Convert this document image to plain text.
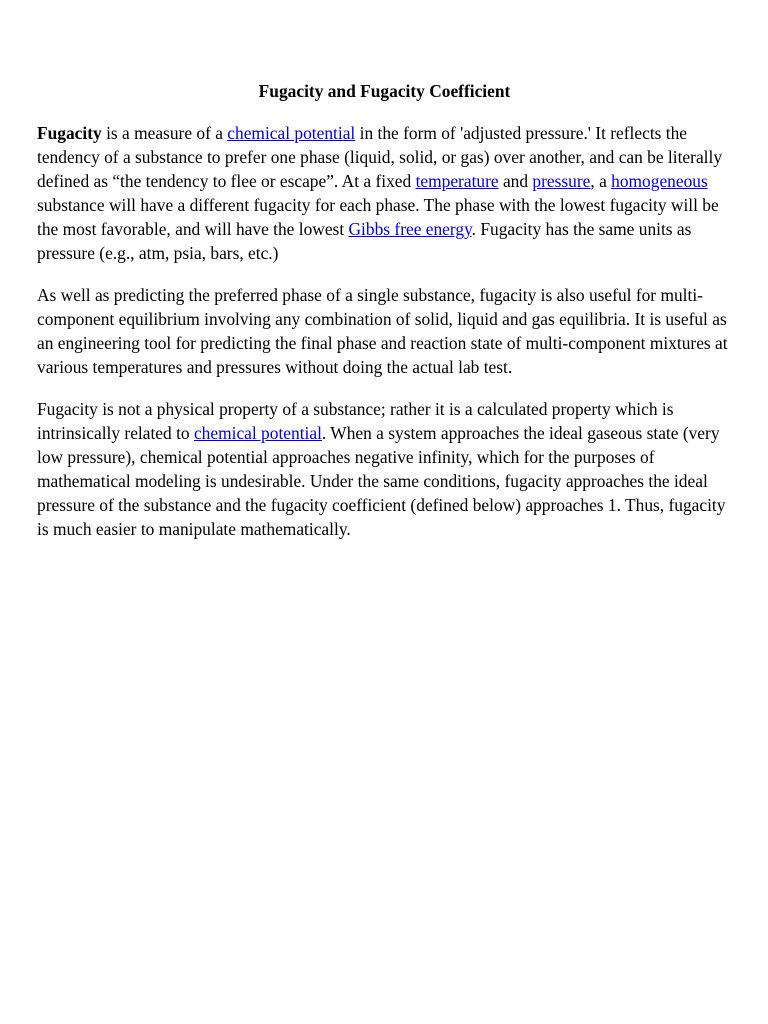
Fugacity and Fugacity Coefficient

Fugacity is a measure of a chemical potential in the form of 'adjusted pressure.' It reflects the tendency of a substance to prefer one phase (liquid, solid, or gas) over another, and can be literally defined as “the tendency to flee or escape”. At a fixed temperature and pressure, a homogeneous substance will have a different fugacity for each phase. The phase with the lowest fugacity will be the most favorable, and will have the lowest Gibbs free energy. Fugacity has the same units as pressure (e.g., atm, psia, bars, etc.)

As well as predicting the preferred phase of a single substance, fugacity is also useful for multi-component equilibrium involving any combination of solid, liquid and gas equilibria. It is useful as an engineering tool for predicting the final phase and reaction state of multi-component mixtures at various temperatures and pressures without doing the actual lab test.

Fugacity is not a physical property of a substance; rather it is a calculated property which is intrinsically related to chemical potential. When a system approaches the ideal gaseous state (very low pressure), chemical potential approaches negative infinity, which for the purposes of mathematical modeling is undesirable. Under the same conditions, fugacity approaches the ideal pressure of the substance and the fugacity coefficient (defined below) approaches 1. Thus, fugacity is much easier to manipulate mathematically.
